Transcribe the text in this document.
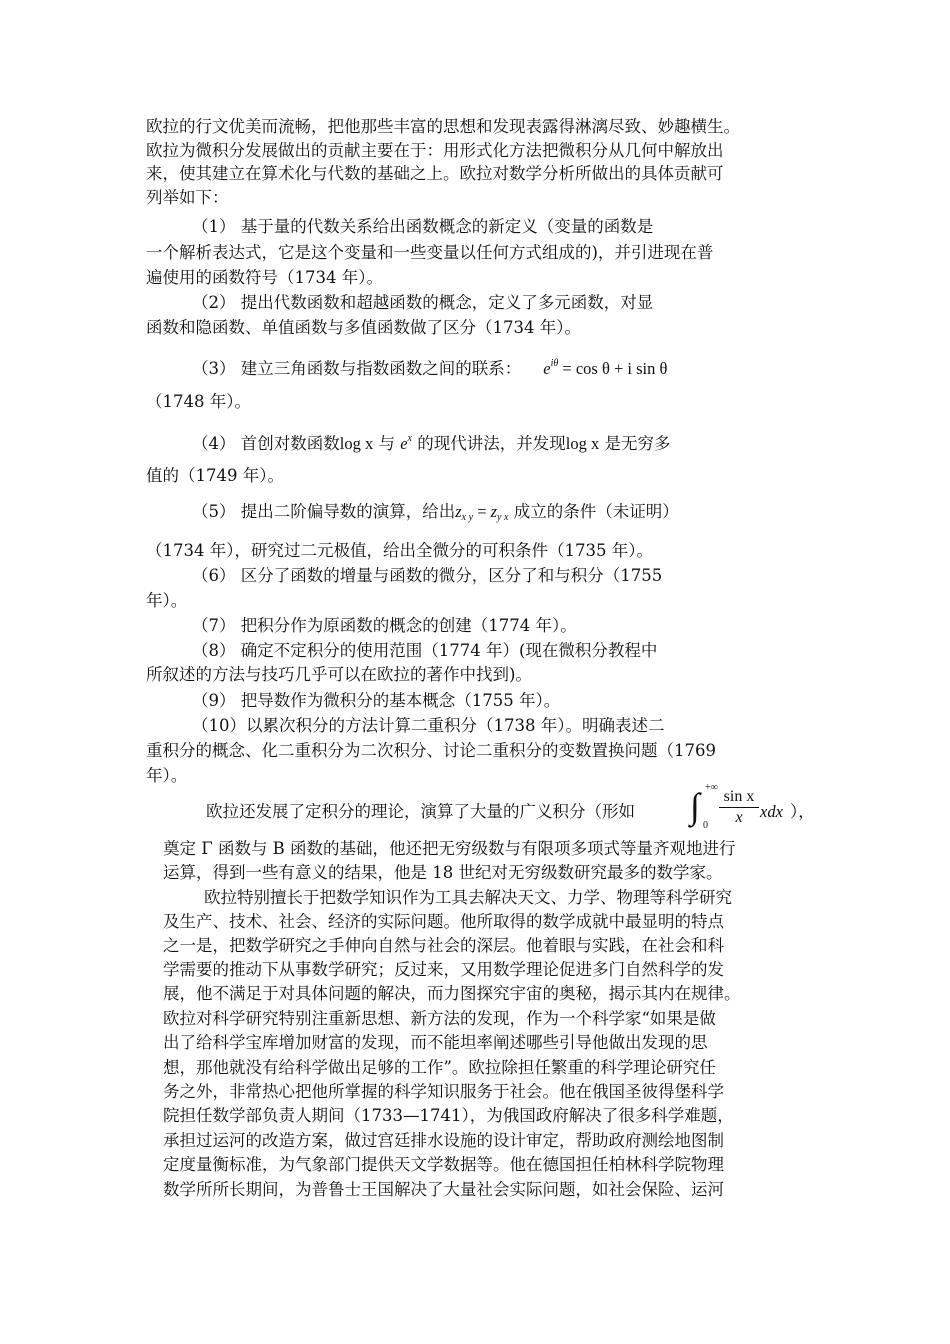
欧拉的行文优美而流畅，把他那些丰富的思想和发现表露得淋漓尽致、妙趣横生。
欧拉为微积分发展做出的贡献主要在于：用形式化方法把微积分从几何中解放出
来，使其建立在算术化与代数的基础之上。欧拉对数学分析所做出的具体贡献可
列举如下：
（1） 基于量的代数关系给出函数概念的新定义（变量的函数是
一个解析表达式，它是这个变量和一些变量以任何方式组成的)，并引进现在普
遍使用的函数符号（1734 年）。
（2） 提出代数函数和超越函数的概念，定义了多元函数，对显
函数和隐函数、单值函数与多值函数做了区分（1734 年）。
（3） 建立三角函数与指数函数之间的联系： $e^{i\theta} = \cos \theta + i$ sin θ
（1748 年）。
（4） 首创对数函数log x 与 $e^x$ 的现代讲法，并发现log x 是无穷多
值的（1749 年）。
（5） 提出二阶偏导数的演算，给出$z_{x y} = z_{y x}$ 成立的条件（未证明）
（1734 年），研究过二元极值，给出全微分的可积条件（1735 年）。
（6） 区分了函数的增量与函数的微分，区分了和与积分（1755
年）。
（7） 把积分作为原函数的概念的创建（1774 年）。
（8） 确定不定积分的使用范围（1774 年）(现在微积分教程中
所叙述的方法与技巧几乎可以在欧拉的著作中找到)。
（9） 把导数作为微积分的基本概念（1755 年）。
（10）以累次积分的方法计算二重积分（1738 年）。明确表述二
重积分的概念、化二重积分为二次积分、讨论二重积分的变数置换问题（1769
年）。
欧拉还发展了定积分的理论，演算了大量的广义积分（形如 ∫ +∞
0
sin x
x	xdx ），
奠定 Γ 函数与 B 函数的基础，他还把无穷级数与有限项多项式等量齐观地进行
运算，得到一些有意义的结果，他是 18 世纪对无穷级数研究最多的数学家。
欧拉特别擅长于把数学知识作为工具去解决天文、力学、物理等科学研究
及生产、技术、社会、经济的实际问题。他所取得的数学成就中最显明的特点
之一是，把数学研究之手伸向自然与社会的深层。他着眼与实践，在社会和科
学需要的推动下从事数学研究；反过来，又用数学理论促进多门自然科学的发
展，他不满足于对具体问题的解决，而力图探究宇宙的奥秘，揭示其内在规律。
欧拉对科学研究特别注重新思想、新方法的发现，作为一个科学家“如果是做
出了给科学宝库增加财富的发现，而不能坦率阐述哪些引导他做出发现的思
想，那他就没有给科学做出足够的工作”。欧拉除担任繁重的科学理论研究任
务之外，非常热心把他所掌握的科学知识服务于社会。他在俄国圣彼得堡科学
院担任数学部负责人期间（1733—1741），为俄国政府解决了很多科学难题，
承担过运河的改造方案，做过宫廷排水设施的设计审定，帮助政府测绘地图制
定度量衡标准，为气象部门提供天文学数据等。他在德国担任柏林科学院物理
数学所所长期间，为普鲁士王国解决了大量社会实际问题，如社会保险、运河
